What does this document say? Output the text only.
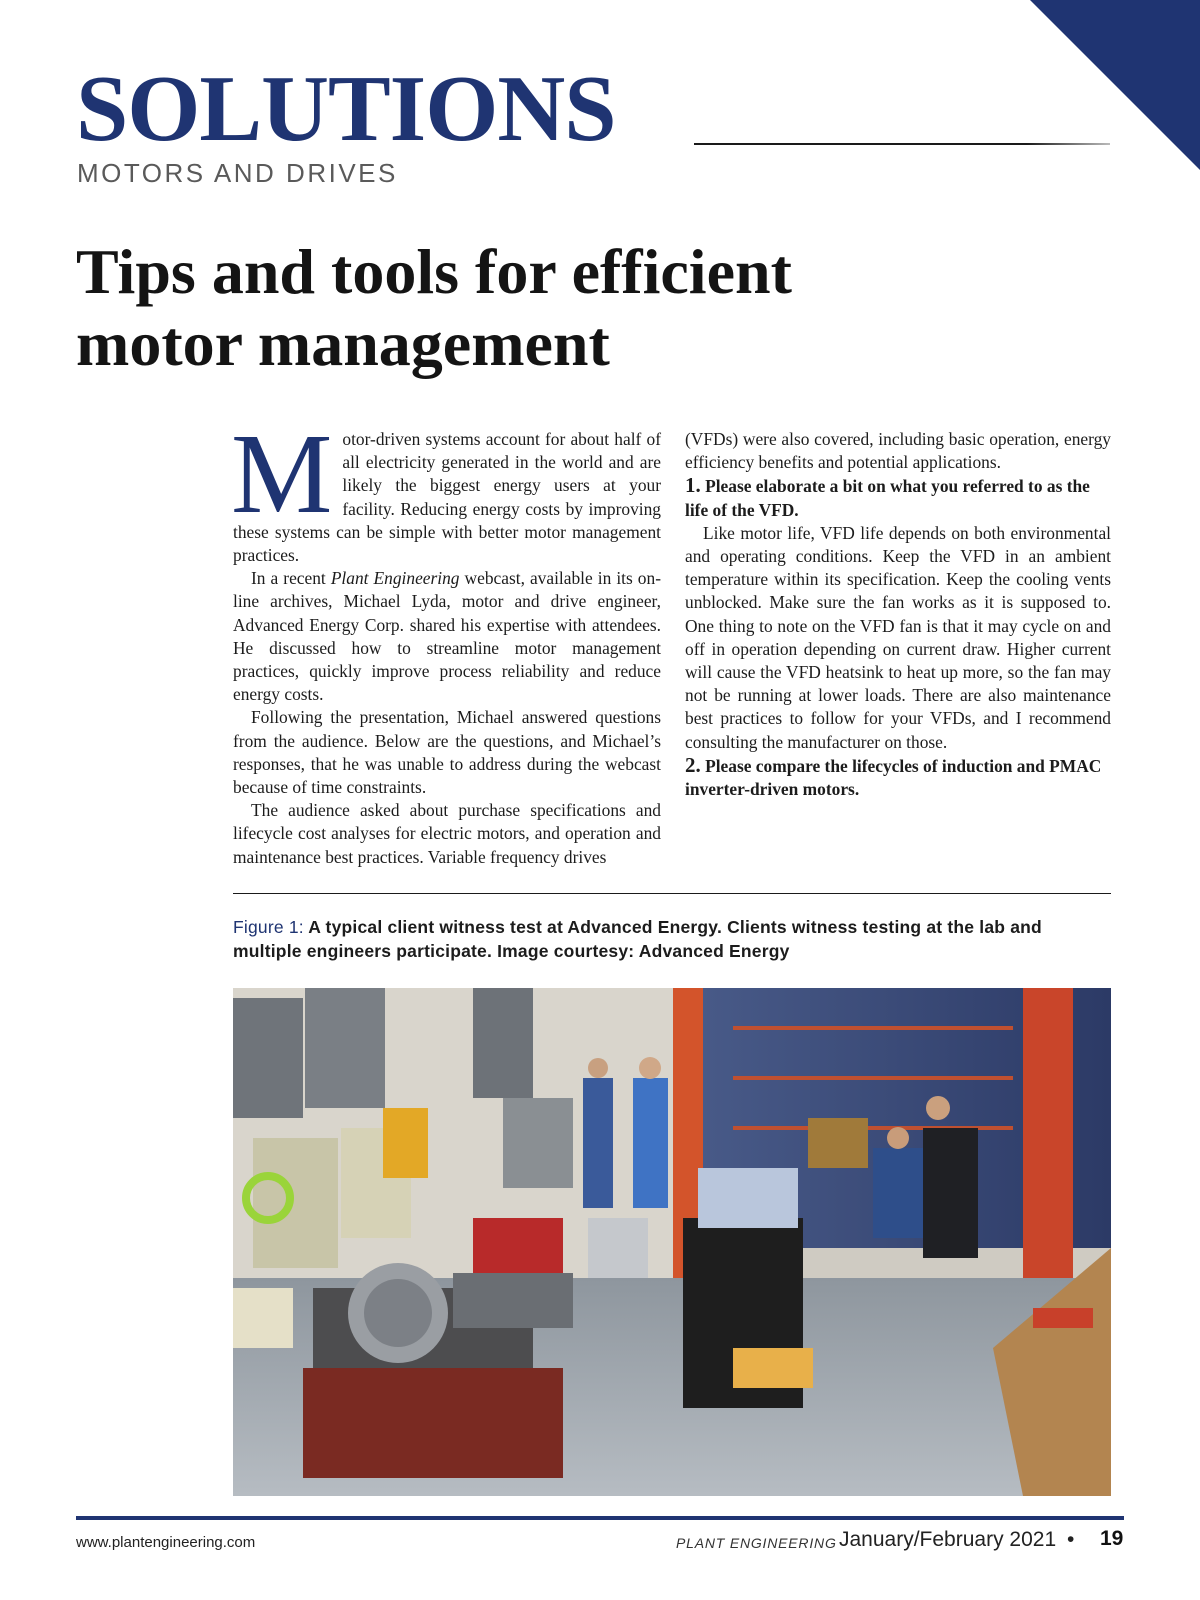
SOLUTIONS
MOTORS AND DRIVES
Tips and tools for efficient
motor management

Motor-driven systems account for about half of all electricity generated in the world and are likely the biggest energy users at your facility. Reducing energy costs by improving these systems can be simple with better motor management practices.

In a recent Plant Engineering webcast, available in its on-line archives, Michael Lyda, motor and drive engineer, Advanced Energy Corp. shared his expertise with attendees. He discussed how to streamline motor management practices, quickly improve process reliability and reduce energy costs.

Following the presentation, Michael answered questions from the audience. Below are the questions, and Michael’s responses, that he was unable to address during the webcast because of time constraints.

The audience asked about purchase specifications and lifecycle cost analyses for electric motors, and operation and maintenance best practices. Variable frequency drives

(VFDs) were also covered, including basic operation, energy efficiency benefits and potential applications.

1. Please elaborate a bit on what you referred to as the life of the VFD.

Like motor life, VFD life depends on both environmental and operating conditions. Keep the VFD in an ambient temperature within its specification. Keep the cooling vents unblocked. Make sure the fan works as it is supposed to. One thing to note on the VFD fan is that it may cycle on and off in operation depending on current draw. Higher current will cause the VFD heatsink to heat up more, so the fan may not be running at lower loads. There are also maintenance best practices to follow for your VFDs, and I recommend consulting the manufacturer on those.

2. Please compare the lifecycles of induction and PMAC inverter-driven motors.

Figure 1: A typical client witness test at Advanced Energy. Clients witness testing at the lab and multiple engineers participate. Image courtesy: Advanced Energy
www.plantengineering.com	PLANT ENGINEERING January/February 2021 • 19
